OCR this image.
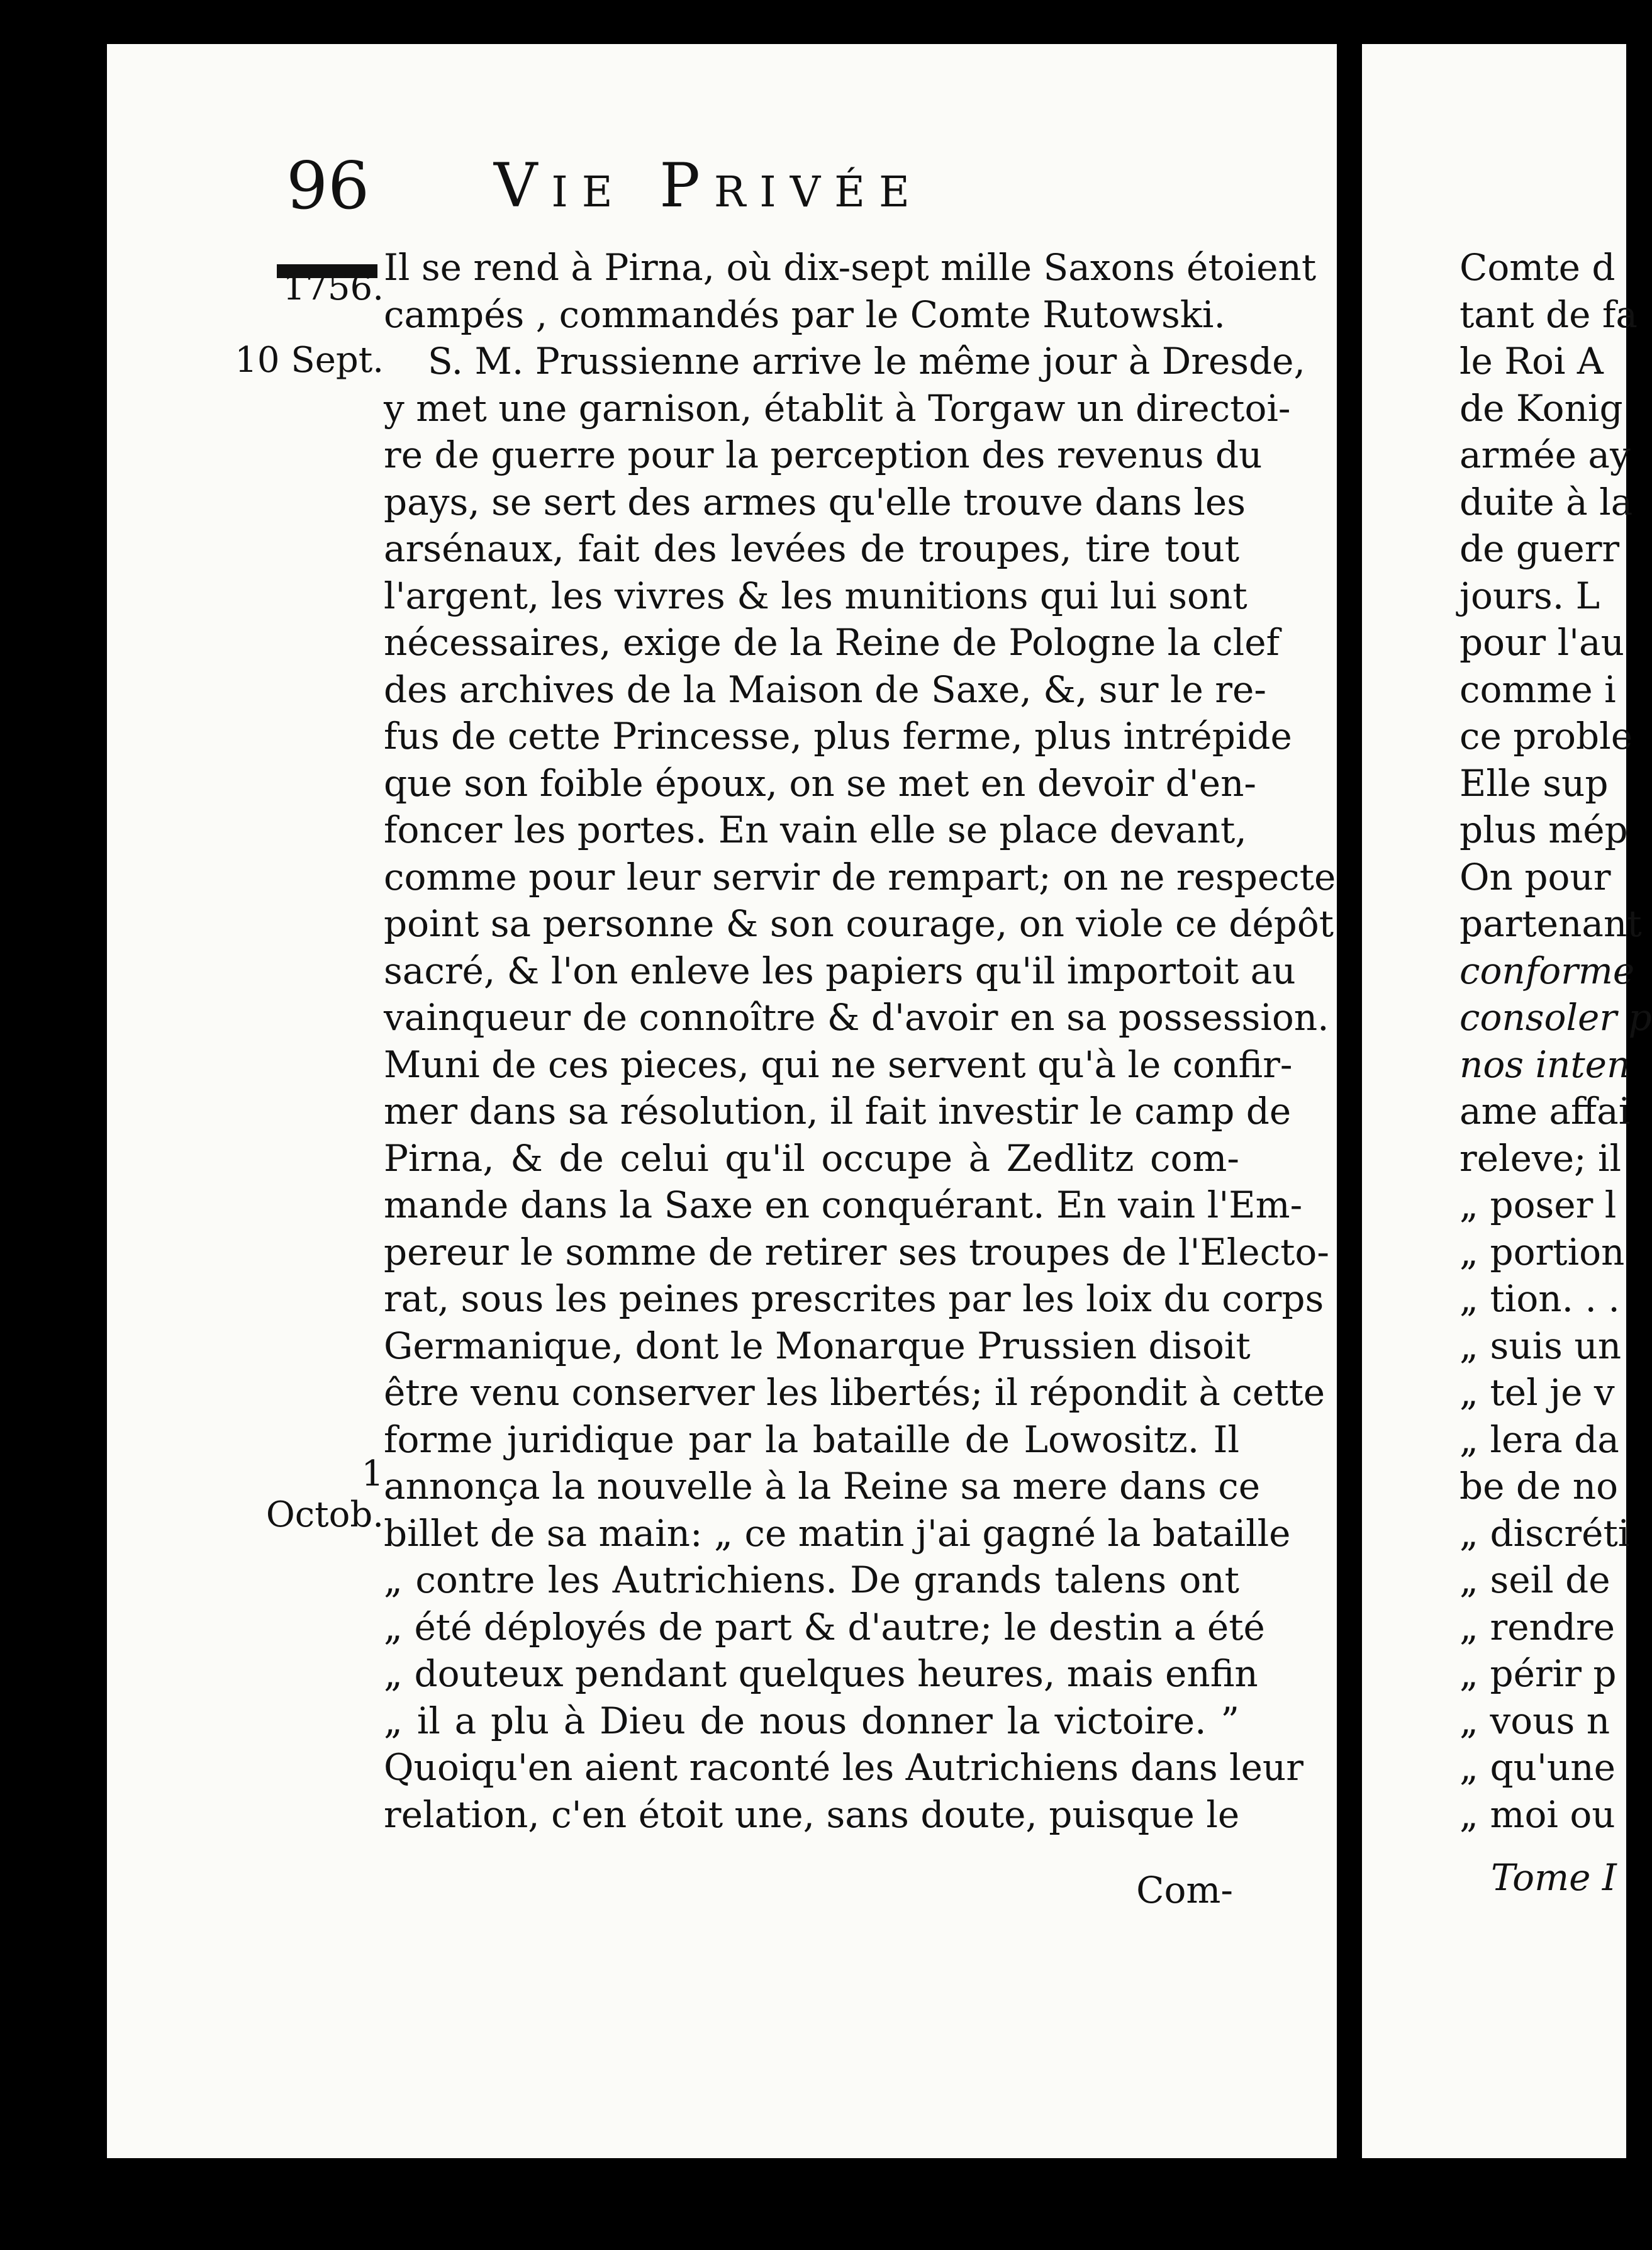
96 Vie Privée
1756.
10 Sept.
1 Octob.
Il se rend à Pirna, où dix-sept mille Saxons étoient
campés , commandés par le Comte Rutowski.
S. M. Prussienne arrive le même jour à Dresde,
y met une garnison, établit à Torgaw un directoi-
re de guerre pour la perception des revenus du
pays, se sert des armes qu'elle trouve dans les
arsénaux, fait des levées de troupes, tire tout
l'argent, les vivres & les munitions qui lui sont
nécessaires, exige de la Reine de Pologne la clef
des archives de la Maison de Saxe, &, sur le re-
fus de cette Princesse, plus ferme, plus intrépide
que son foible époux, on se met en devoir d'en-
foncer les portes. En vain elle se place devant,
comme pour leur servir de rempart; on ne respecte
point sa personne & son courage, on viole ce dépôt
sacré, & l'on enleve les papiers qu'il importoit au
vainqueur de connoître & d'avoir en sa possession.
Muni de ces pieces, qui ne servent qu'à le confir-
mer dans sa résolution, il fait investir le camp de
Pirna, & de celui qu'il occupe à Zedlitz com-
mande dans la Saxe en conquérant. En vain l'Em-
pereur le somme de retirer ses troupes de l'Electo-
rat, sous les peines prescrites par les loix du corps
Germanique, dont le Monarque Prussien disoit
être venu conserver les libertés; il répondit à cette
forme juridique par la bataille de Lowositz. Il
annonça la nouvelle à la Reine sa mere dans ce
billet de sa main: „ ce matin j'ai gagné la bataille
„ contre les Autrichiens. De grands talens ont
„ été déployés de part & d'autre; le destin a été
„ douteux pendant quelques heures, mais enfin
„ il a plu à Dieu de nous donner la victoire. ”
Quoiqu'en aient raconté les Autrichiens dans leur
relation, c'en étoit une, sans doute, puisque le
Com-
Comte d
tant de fa
le Roi A
de Konig
armée ay
duite à la
de guerr
jours. L
pour l'au
comme i
ce proble
Elle sup
plus mép
On pour
partenant
conforme
consoler p
nos inten
ame affai
releve; il
„ poser l
„ portion
„ tion. . .
„ suis un
„ tel je v
„ lera da
be de no
„ discréti
„ seil de
„ rendre
„ périr p
„ vous n
„ qu'une
„ moi ou
Tome I
